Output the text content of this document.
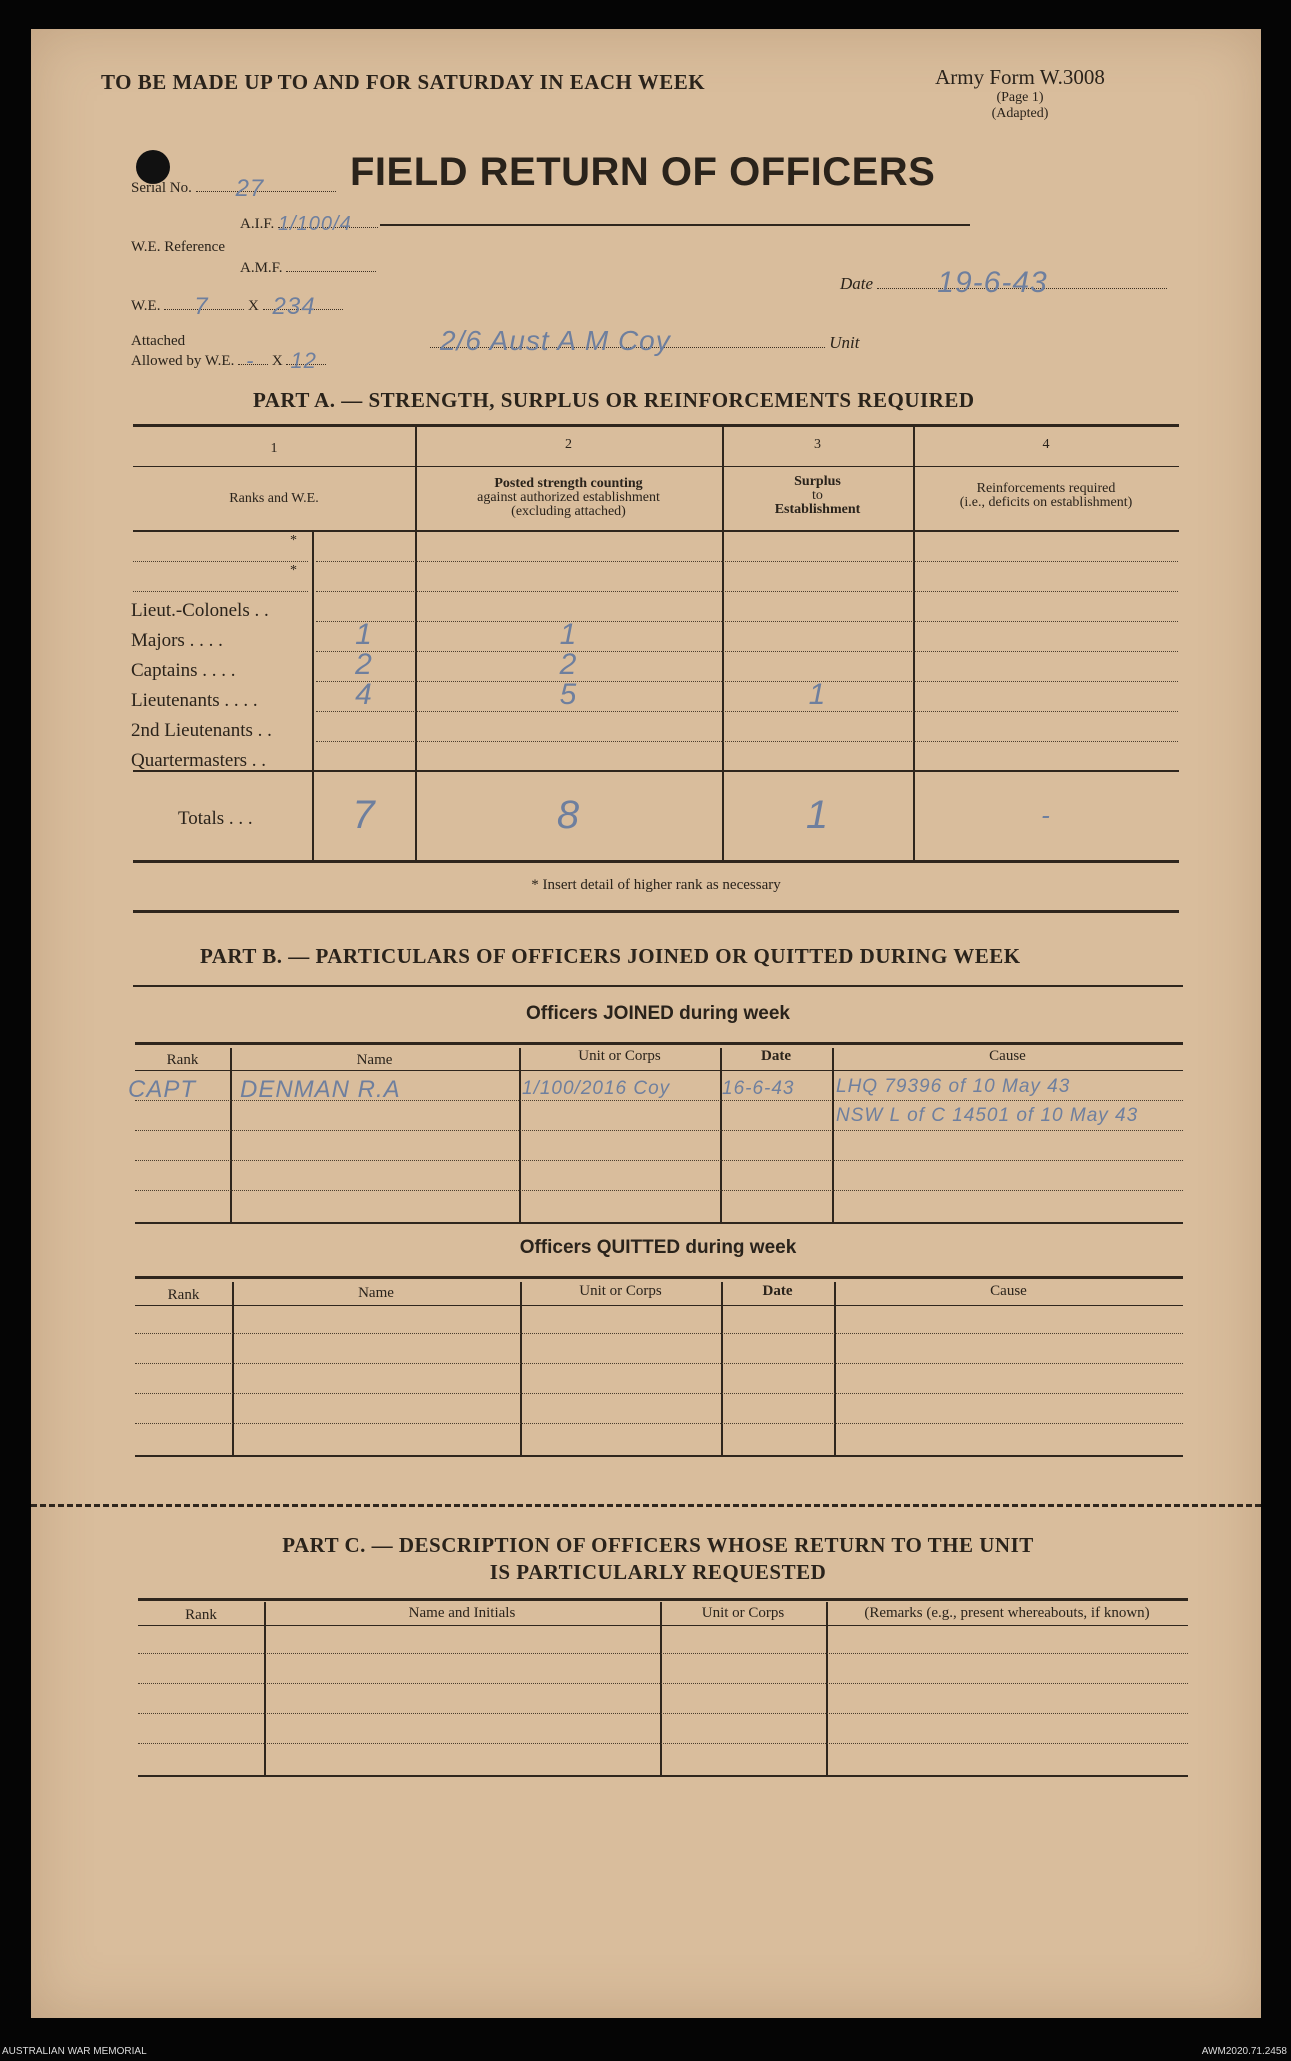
TO BE MADE UP TO AND FOR SATURDAY IN EACH WEEK	Army Form W.3008
(Page 1)
(Adapted)
FIELD RETURN OF OFFICERS
Serial No. 27
A.I.F. 1/100/4
W.E. Reference
A.M.F.
W.E. 7	X 234
Attached
Allowed by W.E. - X 12
Date 19-6-43
2/6 Aust A M Coy	Unit
PART A. — STRENGTH, SURPLUS OR REINFORCEMENTS REQUIRED
1	2	3	4
Ranks and W.E.
Posted strength counting
against authorized establishment
(excluding attached)
Surplus
to
Establishment
Reinforcements required
(i.e., deficits on establishment)
*
*
Lieut.-Colonels . .
Majors . . . .	1	1
Captains . . . .	2	2
Lieutenants . . . .	4	5	1
2nd Lieutenants . .
Quartermasters . .
Totals . . .	7	8	1	-
* Insert detail of higher rank as necessary
PART B. — PARTICULARS OF OFFICERS JOINED OR QUITTED DURING WEEK
Officers JOINED during week
Rank	Name	Unit or Corps	Date	Cause
CAPT DENMAN R.A	1/100/2016 Coy	16-6-43 LHQ 79396 of 10 May 43
NSW L of C 14501 of 10 May 43
Officers QUITTED during week
Rank	Name	Unit or Corps	Date	Cause
PART C. — DESCRIPTION OF OFFICERS WHOSE RETURN TO THE UNIT
IS PARTICULARLY REQUESTED
Rank	Name and Initials	Unit or Corps	(Remarks (e.g., present whereabouts, if known)
AUSTRALIAN WAR MEMORIAL	AWM2020.71.2458
